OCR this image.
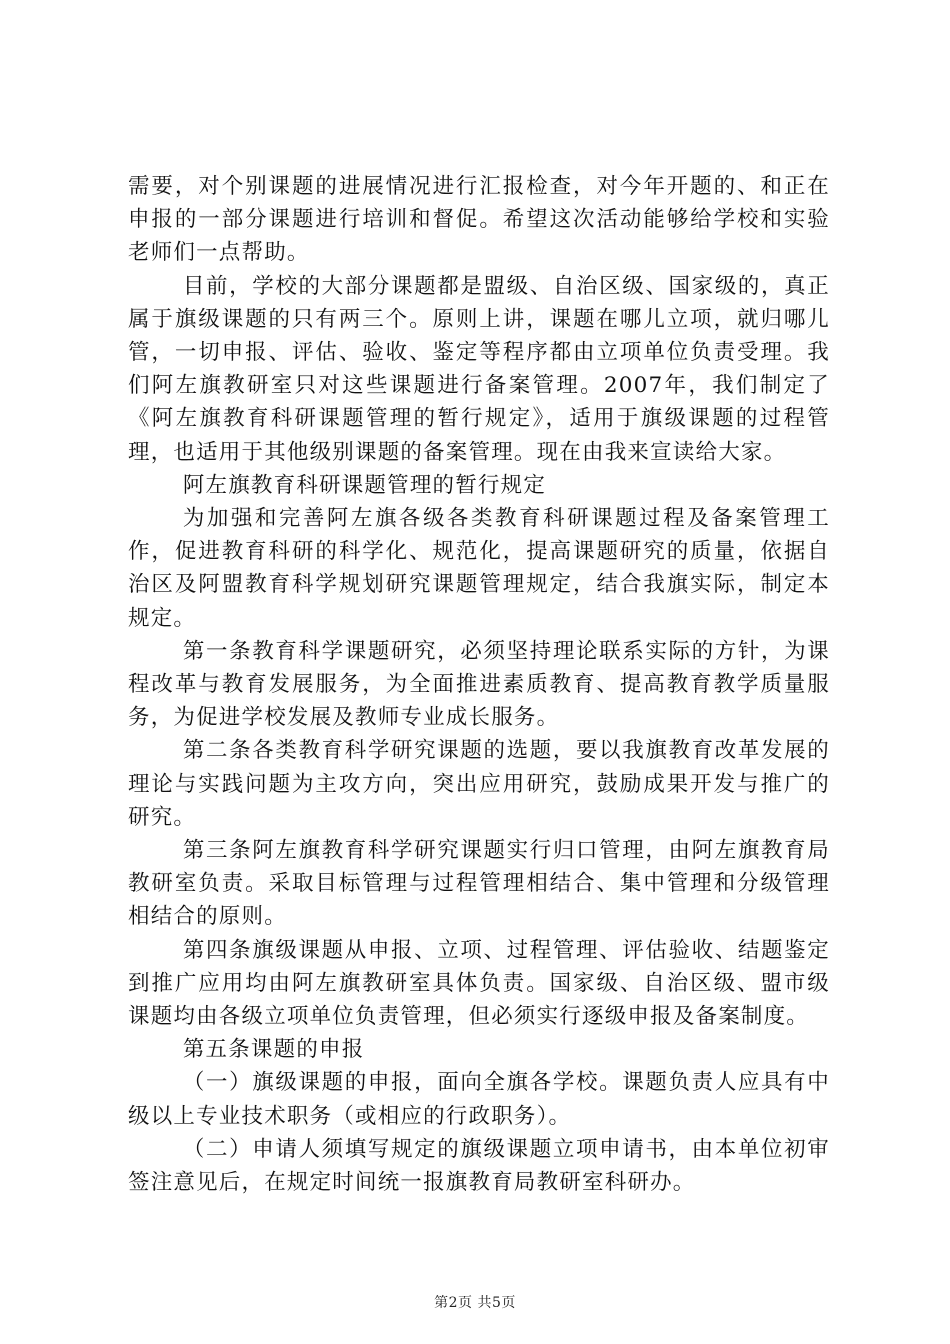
需要，对个别课题的进展情况进行汇报检查，对今年开题的、和正在申报的一部分课题进行培训和督促。希望这次活动能够给学校和实验老师们一点帮助。

目前，学校的大部分课题都是盟级、自治区级、国家级的，真正属于旗级课题的只有两三个。原则上讲，课题在哪儿立项，就归哪儿管，一切申报、评估、验收、鉴定等程序都由立项单位负责受理。我们阿左旗教研室只对这些课题进行备案管理。2007年，我们制定了《阿左旗教育科研课题管理的暂行规定》，适用于旗级课题的过程管理，也适用于其他级别课题的备案管理。现在由我来宣读给大家。

阿左旗教育科研课题管理的暂行规定

为加强和完善阿左旗各级各类教育科研课题过程及备案管理工作，促进教育科研的科学化、规范化，提高课题研究的质量，依据自治区及阿盟教育科学规划研究课题管理规定，结合我旗实际，制定本规定。

第一条教育科学课题研究，必须坚持理论联系实际的方针，为课程改革与教育发展服务，为全面推进素质教育、提高教育教学质量服务，为促进学校发展及教师专业成长服务。

第二条各类教育科学研究课题的选题，要以我旗教育改革发展的理论与实践问题为主攻方向，突出应用研究，鼓励成果开发与推广的研究。

第三条阿左旗教育科学研究课题实行归口管理，由阿左旗教育局教研室负责。采取目标管理与过程管理相结合、集中管理和分级管理相结合的原则。

第四条旗级课题从申报、立项、过程管理、评估验收、结题鉴定到推广应用均由阿左旗教研室具体负责。国家级、自治区级、盟市级课题均由各级立项单位负责管理，但必须实行逐级申报及备案制度。

第五条课题的申报

（一）旗级课题的申报，面向全旗各学校。课题负责人应具有中级以上专业技术职务（或相应的行政职务）。

（二）申请人须填写规定的旗级课题立项申请书，由本单位初审签注意见后，在规定时间统一报旗教育局教研室科研办。

第2页 共5页
